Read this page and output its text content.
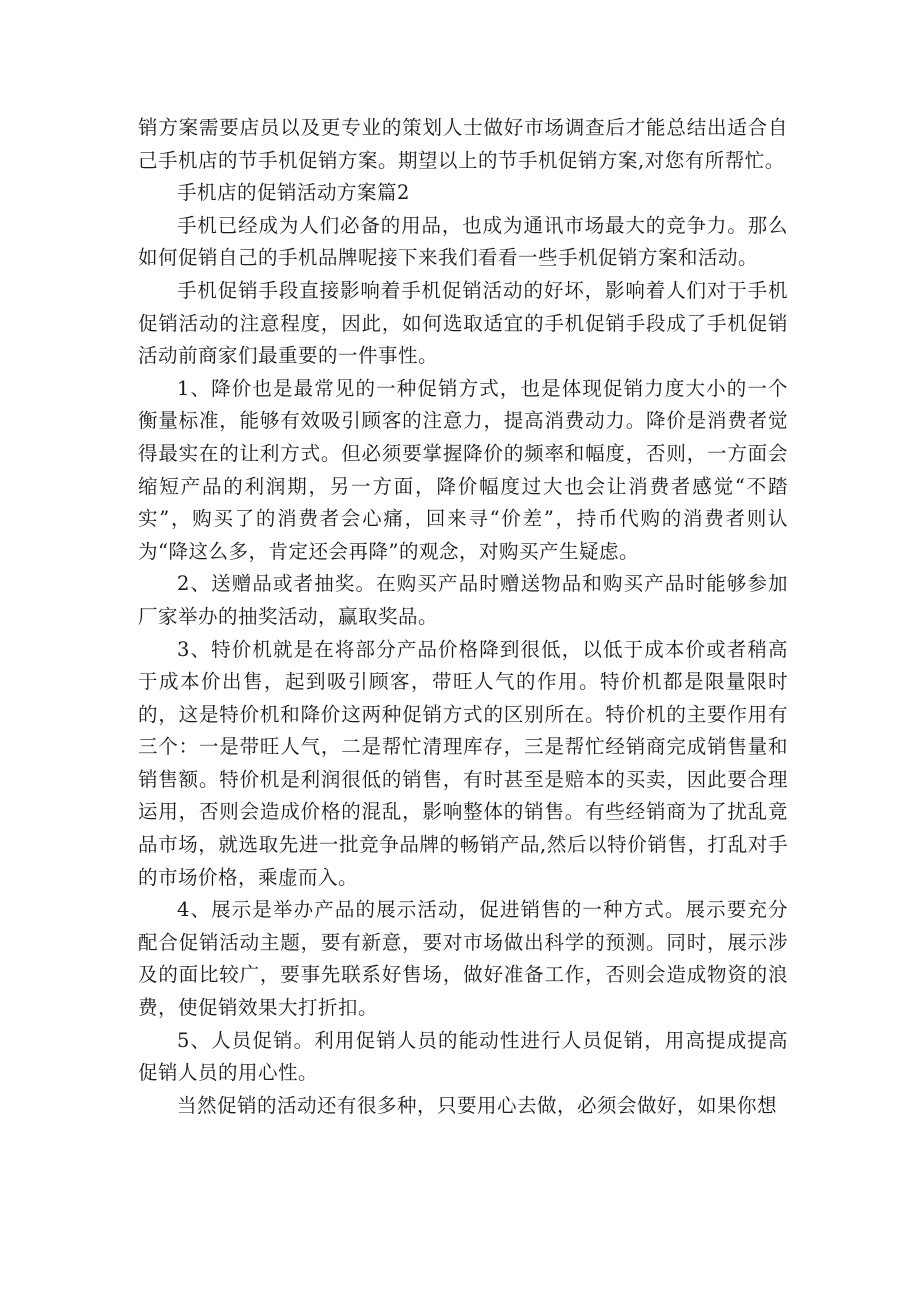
销方案需要店员以及更专业的策划人士做好市场调查后才能总结出适合自己手机店的节手机促销方案。期望以上的节手机促销方案,对您有所帮忙。

手机店的促销活动方案篇2

手机已经成为人们必备的用品，也成为通讯市场最大的竞争力。那么如何促销自己的手机品牌呢接下来我们看看一些手机促销方案和活动。

手机促销手段直接影响着手机促销活动的好坏，影响着人们对于手机促销活动的注意程度，因此，如何选取适宜的手机促销手段成了手机促销活动前商家们最重要的一件事性。

1、降价也是最常见的一种促销方式，也是体现促销力度大小的一个衡量标准，能够有效吸引顾客的注意力，提高消费动力。降价是消费者觉得最实在的让利方式。但必须要掌握降价的频率和幅度，否则，一方面会缩短产品的利润期，另一方面，降价幅度过大也会让消费者感觉“不踏实”，购买了的消费者会心痛，回来寻“价差”，持币代购的消费者则认为“降这么多，肯定还会再降”的观念，对购买产生疑虑。

2、送赠品或者抽奖。在购买产品时赠送物品和购买产品时能够参加厂家举办的抽奖活动，赢取奖品。

3、特价机就是在将部分产品价格降到很低，以低于成本价或者稍高于成本价出售，起到吸引顾客，带旺人气的作用。特价机都是限量限时的，这是特价机和降价这两种促销方式的区别所在。特价机的主要作用有三个：一是带旺人气，二是帮忙清理库存，三是帮忙经销商完成销售量和销售额。特价机是利润很低的销售，有时甚至是赔本的买卖，因此要合理运用，否则会造成价格的混乱，影响整体的销售。有些经销商为了扰乱竟品市场，就选取先进一批竞争品牌的畅销产品,然后以特价销售，打乱对手的市场价格，乘虚而入。

4、展示是举办产品的展示活动，促进销售的一种方式。展示要充分配合促销活动主题，要有新意，要对市场做出科学的预测。同时，展示涉及的面比较广，要事先联系好售场，做好准备工作，否则会造成物资的浪费，使促销效果大打折扣。

5、人员促销。利用促销人员的能动性进行人员促销，用高提成提高促销人员的用心性。

当然促销的活动还有很多种，只要用心去做，必须会做好，如果你想
